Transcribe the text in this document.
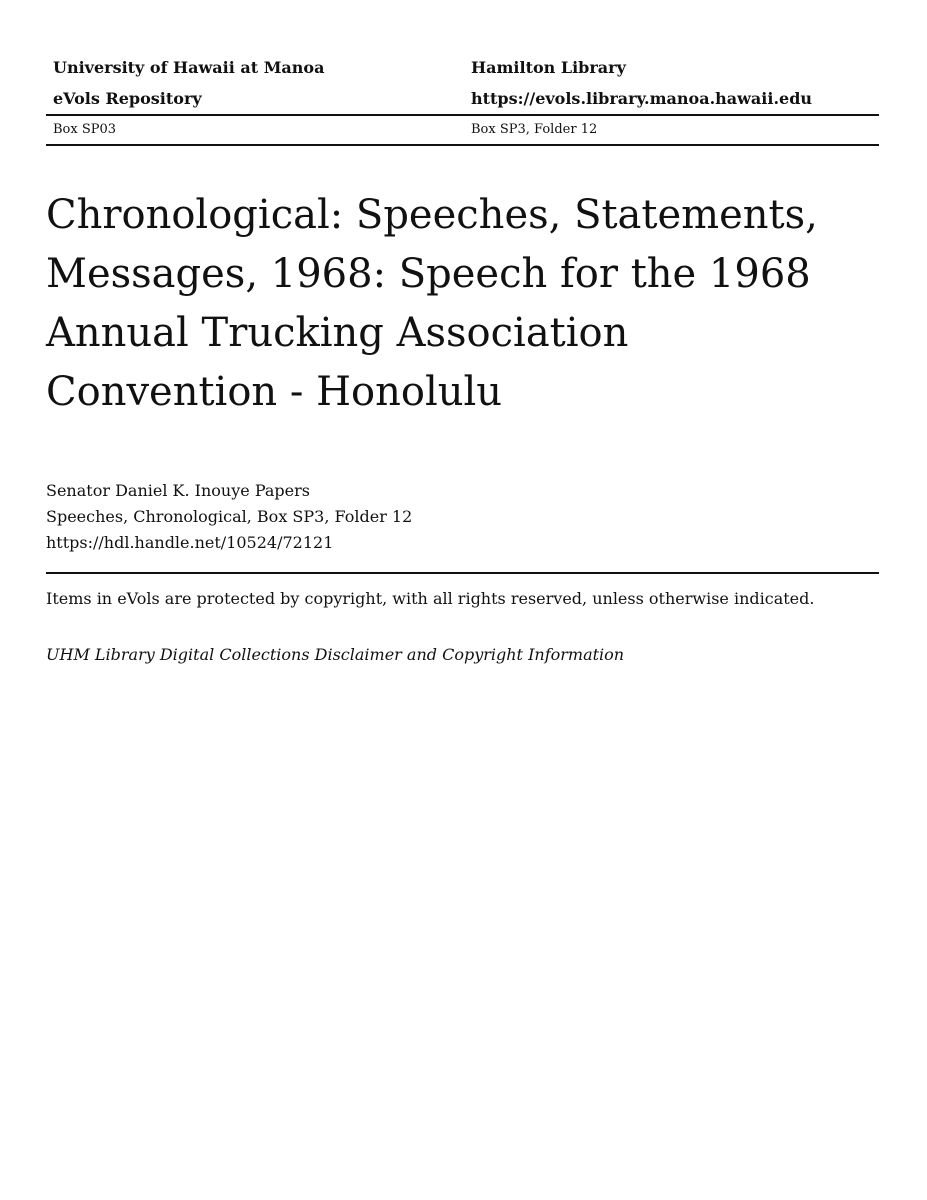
University of Hawaii at Manoa	Hamilton Library
eVols Repository	https://evols.library.manoa.hawaii.edu
Box SP03	Box SP3, Folder 12
Chronological: Speeches, Statements, Messages, 1968: Speech for the 1968 Annual Trucking Association Convention - Honolulu
Senator Daniel K. Inouye Papers
Speeches, Chronological, Box SP3, Folder 12
https://hdl.handle.net/10524/72121
Items in eVols are protected by copyright, with all rights reserved, unless otherwise indicated.
UHM Library Digital Collections Disclaimer and Copyright Information
